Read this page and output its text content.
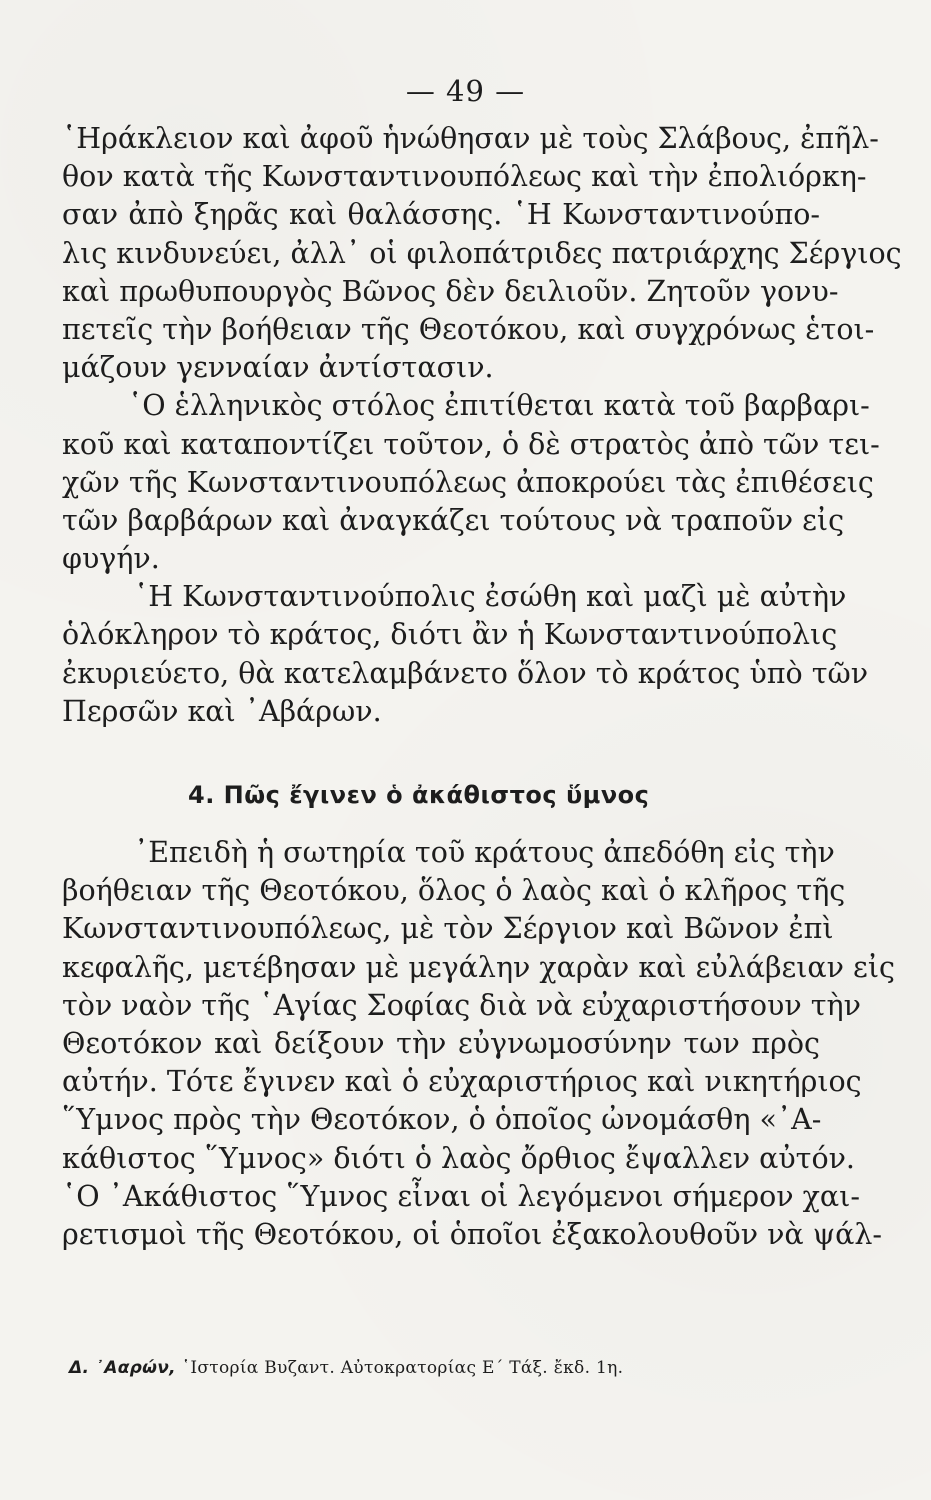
— 49 —
῾Ηράκλειον καὶ ἀφοῦ ἡνώθησαν μὲ τοὺς Σλάβους, ἐπῆλ-
θον κατὰ τῆς Κωνσταντινουπόλεως καὶ τὴν ἐπολιόρκη-
σαν ἀπὸ ξηρᾶς καὶ θαλάσσης. ῾Η Κωνσταντινούπο-
λις κινδυνεύει, ἀλλ᾿ οἱ φιλοπάτριδες πατριάρχης Σέργιος
καὶ πρωθυπουργὸς Βῶνος δὲν δειλιοῦν. Ζητοῦν γονυ-
πετεῖς τὴν βοήθειαν τῆς Θεοτόκου, καὶ συγχρόνως ἑτοι-
μάζουν γενναίαν ἀντίστασιν.
῾Ο ἑλληνικὸς στόλος ἐπιτίθεται κατὰ τοῦ βαρβαρι-
κοῦ καὶ καταποντίζει τοῦτον, ὁ δὲ στρατὸς ἀπὸ τῶν τει-
χῶν τῆς Κωνσταντινουπόλεως ἀποκρούει τὰς ἐπιθέσεις
τῶν βαρβάρων καὶ ἀναγκάζει τούτους νὰ τραποῦν εἰς
φυγήν.
῾Η Κωνσταντινούπολις ἐσώθη καὶ μαζὶ μὲ αὐτὴν
ὁλόκληρον τὸ κράτος, διότι ἂν ἡ Κωνσταντινούπολις
ἐκυριεύετο, θὰ κατελαμβάνετο ὅλον τὸ κράτος ὑπὸ τῶν
Περσῶν καὶ ᾿Αβάρων.
4. Πῶς ἔγινεν ὁ ἀκάθιστος ὕμνος
᾿Επειδὴ ἡ σωτηρία τοῦ κράτους ἀπεδόθη εἰς τὴν
βοήθειαν τῆς Θεοτόκου, ὅλος ὁ λαὸς καὶ ὁ κλῆρος τῆς
Κωνσταντινουπόλεως, μὲ τὸν Σέργιον καὶ Βῶνον ἐπὶ
κεφαλῆς, μετέβησαν μὲ μεγάλην χαρὰν καὶ εὐλάβειαν εἰς
τὸν ναὸν τῆς ῾Αγίας Σοφίας διὰ νὰ εὐχαριστήσουν τὴν
Θεοτόκον καὶ δείξουν τὴν εὐγνωμοσύνην των πρὸς
αὐτήν. Τότε ἔγινεν καὶ ὁ εὐχαριστήριος καὶ νικητήριος
῞Υμνος πρὸς τὴν Θεοτόκον, ὁ ὁποῖος ὠνομάσθη «᾿Α-
κάθιστος ῞Υμνος» διότι ὁ λαὸς ὄρθιος ἔψαλλεν αὐτόν.
῾Ο ᾿Ακάθιστος ῞Υμνος εἶναι οἱ λεγόμενοι σήμερον χαι-
ρετισμοὶ τῆς Θεοτόκου, οἱ ὁποῖοι ἐξακολουθοῦν νὰ ψάλ-
Δ. ᾿Ααρών, ῾Ιστορία Βυζαντ. Αὐτοκρατορίας Ε΄ Τάξ. ἔκδ. 1η.
